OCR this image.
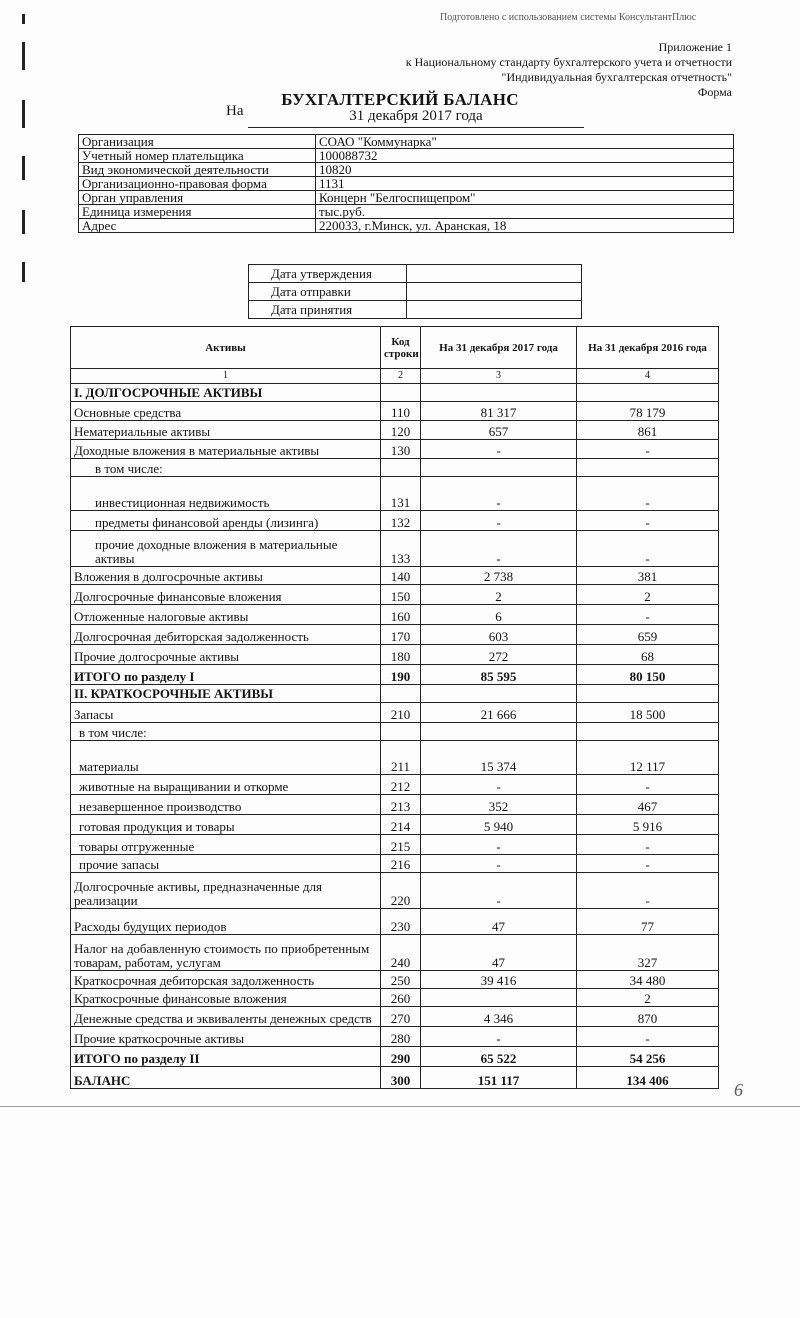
Подготовлено с использованием системы КонсультантПлюс
Приложение 1
к Национальному стандарту бухгалтерского учета и отчетности
"Индивидуальная бухгалтерская отчетность"
Форма
БУХГАЛТЕРСКИЙ БАЛАНС
На	31 декабря 2017 года
Организация	СОАО "Коммунарка"
Учетный номер плательщика	100088732
Вид экономической деятельности	10820
Организационно-правовая форма	1131
Орган управления	Концерн "Белгоспищепром"
Единица измерения	тыс.руб.
Адрес	220033, г.Минск, ул. Аранская, 18
Дата утверждения	
Дата отправки	
Дата принятия	
Активы	Код строки	На 31 декабря 2017 года	На 31 декабря 2016 года
1	2	3	4
I. ДОЛГОСРОЧНЫЕ АКТИВЫ			
Основные средства	110	81 317	78 179
Нематериальные активы	120	657	861
Доходные вложения в материальные активы	130	-	-
в том числе:			
инвестиционная недвижимость	131	-	-
предметы финансовой аренды (лизинга)	132	-	-
прочие доходные вложения в материальные активы	133	-	-
Вложения в долгосрочные активы	140	2 738	381
Долгосрочные финансовые вложения	150	2	2
Отложенные налоговые активы	160	6	-
Долгосрочная дебиторская задолженность	170	603	659
Прочие долгосрочные активы	180	272	68
ИТОГО по разделу I	190	85 595	80 150
II. КРАТКОСРОЧНЫЕ АКТИВЫ			
Запасы	210	21 666	18 500
в том числе:			
материалы	211	15 374	12 117
животные на выращивании и откорме	212	-	-
незавершенное производство	213	352	467
готовая продукция и товары	214	5 940	5 916
товары отгруженные	215	-	-
прочие запасы	216	-	-
Долгосрочные активы, предназначенные для реализации	220	-	-
Расходы будущих периодов	230	47	77
Налог на добавленную стоимость по приобретенным товарам, работам, услугам	240	47	327
Краткосрочная дебиторская задолженность	250	39 416	34 480
Краткосрочные финансовые вложения	260		2
Денежные средства и эквиваленты денежных средств	270	4 346	870
Прочие краткосрочные активы	280	-	-
ИТОГО по разделу II	290	65 522	54 256
БАЛАНС	300	151 117	134 406	6
